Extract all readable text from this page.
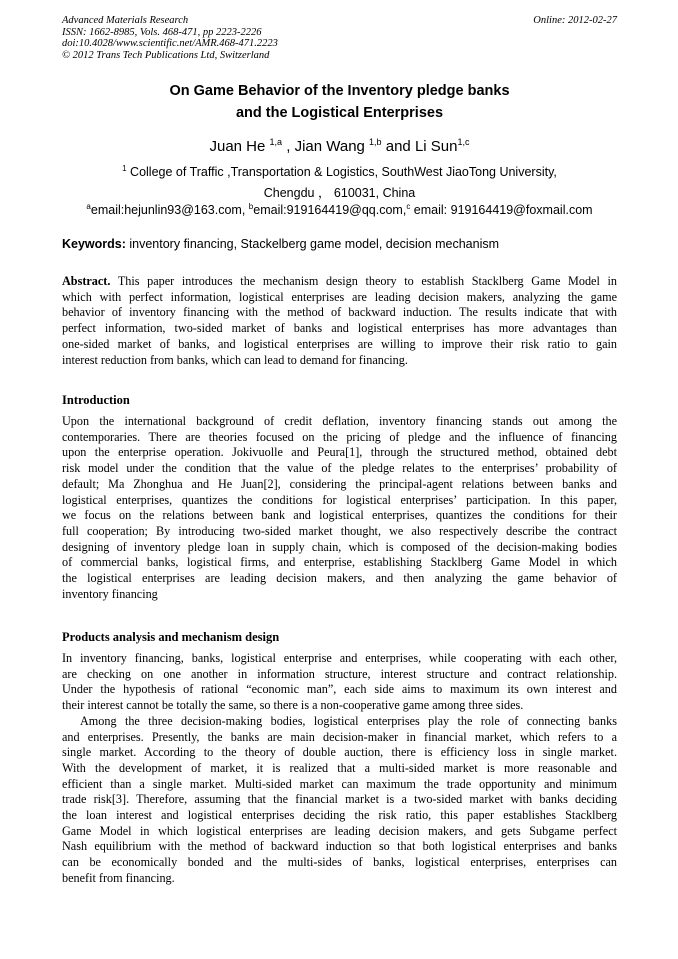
Advanced Materials Research
ISSN: 1662-8985, Vols. 468-471, pp 2223-2226
doi:10.4028/www.scientific.net/AMR.468-471.2223
© 2012 Trans Tech Publications Ltd, Switzerland
Online: 2012-02-27
On Game Behavior of the Inventory pledge banks
and the Logistical Enterprises
Juan He $^{1,a}$ , Jian Wang $^{1,b}$ and Li Sun$^{1,c}$
$^1$ College of Traffic ,Transportation & Logistics, SouthWest JiaoTong University,
Chengdu ， 610031, China
$^a$email:hejunlin93@163.com, $^b$email:919164419@qq.com,$^c$ email: 919164419@foxmail.com
Keywords: inventory financing, Stackelberg game model, decision mechanism
Abstract. This paper introduces the mechanism design theory to establish Stacklberg Game Model in
which with perfect information, logistical enterprises are leading decision makers, analyzing the game
behavior of inventory financing with the method of backward induction. The results indicate that with
perfect information, two-sided market of banks and logistical enterprises has more advantages than
one-sided market of banks, and logistical enterprises are willing to improve their risk ratio to gain
interest reduction from banks, which can lead to demand for financing.
Introduction
Upon the international background of credit deflation, inventory financing stands out among the
contemporaries. There are theories focused on the pricing of pledge and the influence of financing
upon the enterprise operation. Jokivuolle and Peura[1], through the structured method, obtained debt
risk model under the condition that the value of the pledge relates to the enterprises’ probability of
default; Ma Zhonghua and He Juan[2], considering the principal-agent relations between banks and
logistical enterprises, quantizes the conditions for logistical enterprises’ participation. In this paper,
we focus on the relations between bank and logistical enterprises, quantizes the conditions for their
full cooperation; By introducing two-sided market thought, we also respectively describe the contract
designing of inventory pledge loan in supply chain, which is composed of the decision-making bodies
of commercial banks, logistical firms, and enterprise, establishing Stacklberg Game Model in which
the logistical enterprises are leading decision makers, and then analyzing the game behavior of
inventory financing
Products analysis and mechanism design
In inventory financing, banks, logistical enterprise and enterprises, while cooperating with each other,
are checking on one another in information structure, interest structure and contract relationship.
Under the hypothesis of rational “economic man”, each side aims to maximum its own interest and
their interest cannot be totally the same, so there is a non-cooperative game among three sides.
Among the three decision-making bodies, logistical enterprises play the role of connecting banks
and enterprises. Presently, the banks are main decision-maker in financial market, which refers to a
single market. According to the theory of double auction, there is efficiency loss in single market.
With the development of market, it is realized that a multi-sided market is more reasonable and
efficient than a single market. Multi-sided market can maximum the trade opportunity and minimum
trade risk[3]. Therefore, assuming that the financial market is a two-sided market with banks deciding
the loan interest and logistical enterprises deciding the risk ratio, this paper establishes Stacklberg
Game Model in which logistical enterprises are leading decision makers, and gets Subgame perfect
Nash equilibrium with the method of backward induction so that both logistical enterprises and banks
can be economically bonded and the multi-sides of banks, logistical enterprises, enterprises can
benefit from financing.
